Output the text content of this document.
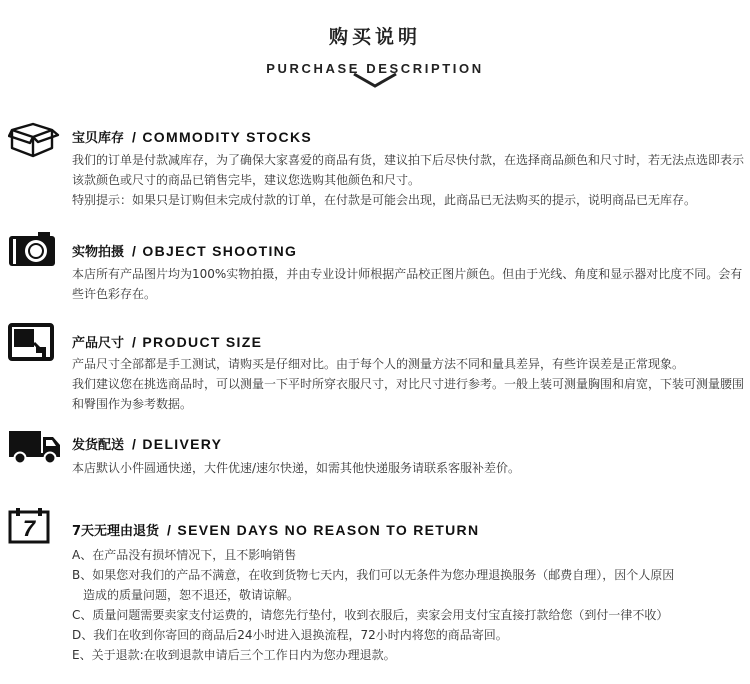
购买说明
PURCHASE DESCRIPTION
宝贝库存 / COMMODITY STOCKS

我们的订单是付款减库存，为了确保大家喜爱的商品有货，建议拍下后尽快付款，在选择商品颜色和尺寸时，若无法点选即表示该款颜色或尺寸的商品已销售完毕，建议您选购其他颜色和尺寸。

特别提示：如果只是订购但未完成付款的订单，在付款是可能会出现，此商品已无法购买的提示，说明商品已无库存。

实物拍摄 / OBJECT SHOOTING

本店所有产品图片均为100%实物拍摄，并由专业设计师根据产品校正图片颜色。但由于光线、角度和显示器对比度不同。会有些许色彩存在。

产品尺寸 / PRODUCT SIZE

产品尺寸全部都是手工测试，请购买是仔细对比。由于每个人的测量方法不同和量具差异，有些许误差是正常现象。

我们建议您在挑选商品时，可以测量一下平时所穿衣服尺寸，对比尺寸进行参考。一般上装可测量胸围和肩宽，下装可测量腰围和臀围作为参考数据。

发货配送 / DELIVERY

本店默认小件圆通快递，大件优速/速尔快递，如需其他快递服务请联系客服补差价。

7	7天无理由退货 / SEVEN DAYS NO REASON TO RETURN

A、在产品没有损坏情况下，且不影响销售

B、如果您对我们的产品不满意，在收到货物七天内，我们可以无条件为您办理退换服务（邮费自理），因个人原因

造成的质量问题，恕不退还，敬请谅解。

C、质量问题需要卖家支付运费的，请您先行垫付，收到衣服后，卖家会用支付宝直接打款给您（到付一律不收）

D、我们在收到你寄回的商品后24小时进入退换流程，72小时内将您的商品寄回。

E、关于退款:在收到退款申请后三个工作日内为您办理退款。
